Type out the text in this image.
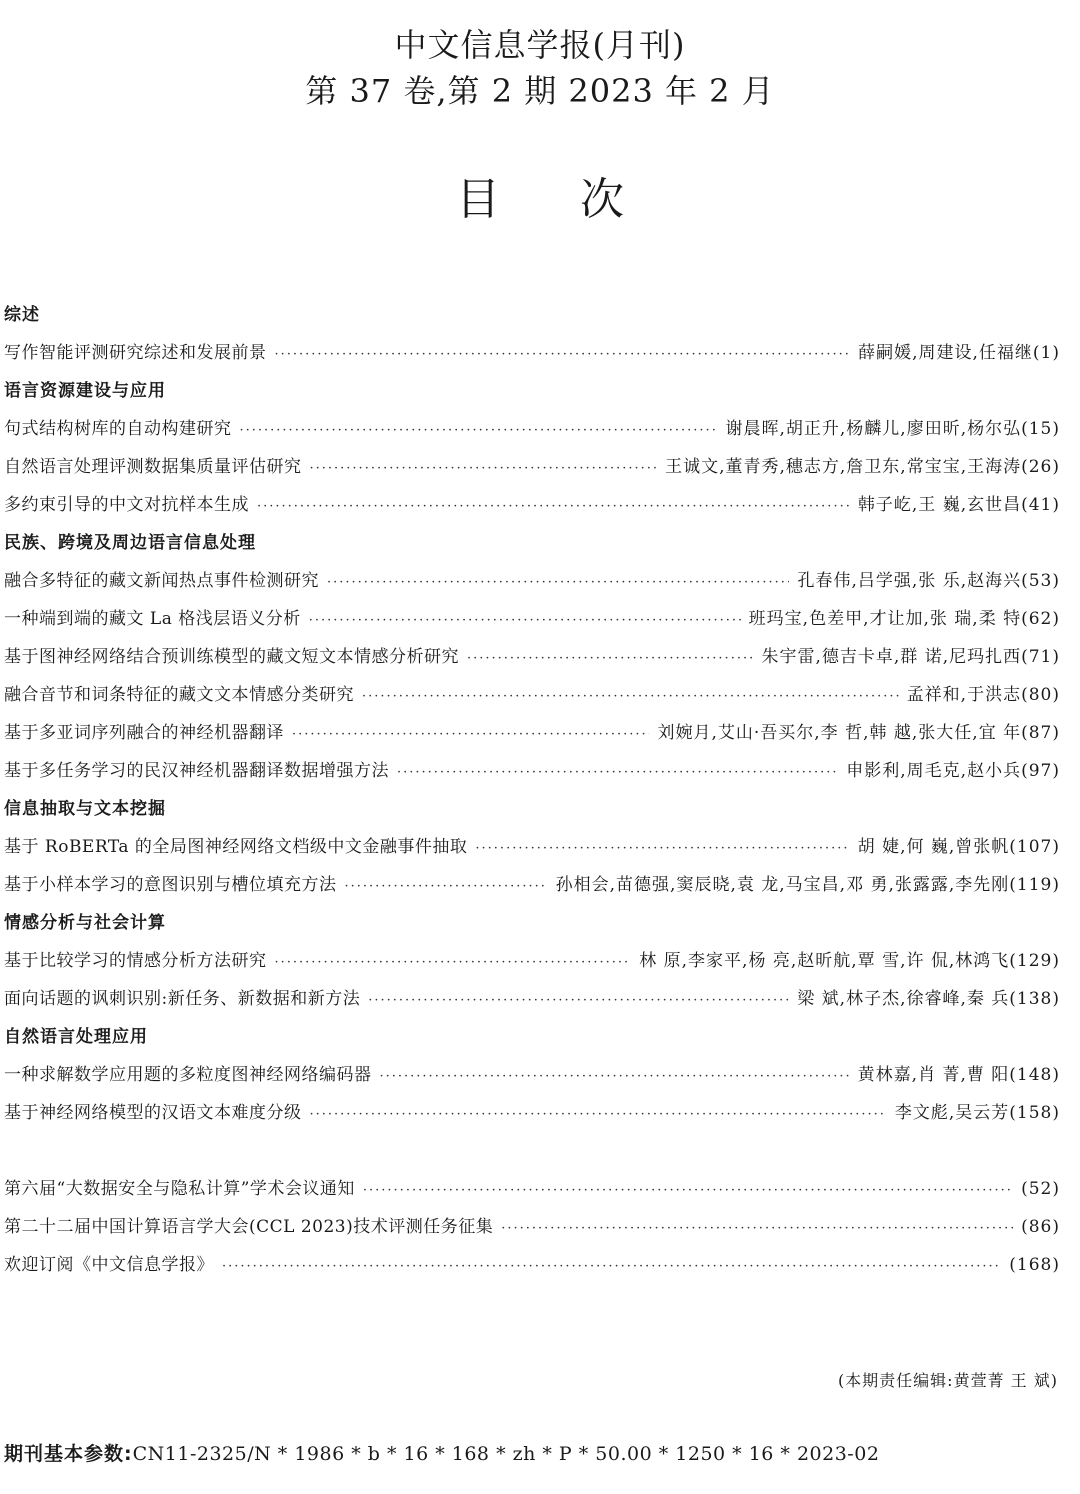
中文信息学报(月刊)
第 37 卷,第 2 期 2023 年 2 月
目次
综述
写作智能评测研究综述和发展前景 ·····	薛嗣媛,周建设,任福继(1)
语言资源建设与应用
句式结构树库的自动构建研究 ·····	谢晨晖,胡正升,杨麟儿,廖田昕,杨尔弘(15)
自然语言处理评测数据集质量评估研究 ·····	王诚文,董青秀,穗志方,詹卫东,常宝宝,王海涛(26)
多约束引导的中文对抗样本生成 ·····	韩子屹,王 巍,玄世昌(41)
民族、跨境及周边语言信息处理
融合多特征的藏文新闻热点事件检测研究 ·····	孔春伟,吕学强,张 乐,赵海兴(53)
一种端到端的藏文 La 格浅层语义分析 ·····	班玛宝,色差甲,才让加,张 瑞,柔 特(62)
基于图神经网络结合预训练模型的藏文短文本情感分析研究 ·····	朱宇雷,德吉卡卓,群 诺,尼玛扎西(71)
融合音节和词条特征的藏文文本情感分类研究 ·····	孟祥和,于洪志(80)
基于多亚词序列融合的神经机器翻译 ·····	刘婉月,艾山·吾买尔,李 哲,韩 越,张大任,宜 年(87)
基于多任务学习的民汉神经机器翻译数据增强方法 ·····	申影利,周毛克,赵小兵(97)
信息抽取与文本挖掘
基于 RoBERTa 的全局图神经网络文档级中文金融事件抽取 ·····	胡 婕,何 巍,曾张帆(107)
基于小样本学习的意图识别与槽位填充方法 ·····	孙相会,苗德强,窦辰晓,袁 龙,马宝昌,邓 勇,张露露,李先刚(119)
情感分析与社会计算
基于比较学习的情感分析方法研究 ·····	林 原,李家平,杨 亮,赵昕航,覃 雪,许 侃,林鸿飞(129)
面向话题的讽刺识别:新任务、新数据和新方法 ·····	梁 斌,林子杰,徐睿峰,秦 兵(138)
自然语言处理应用
一种求解数学应用题的多粒度图神经网络编码器 ·····	黄林嘉,肖 菁,曹 阳(148)
基于神经网络模型的汉语文本难度分级 ·····	李文彪,吴云芳(158)
第六届“大数据安全与隐私计算”学术会议通知 ·····	(52)
第二十二届中国计算语言学大会(CCL 2023)技术评测任务征集 ·····	(86)
欢迎订阅《中文信息学报》 ·····	(168)
(本期责任编辑:黄萱菁 王 斌)
期刊基本参数:CN11-2325/N * 1986 * b * 16 * 168 * zh * P * 50.00 * 1250 * 16 * 2023-02
